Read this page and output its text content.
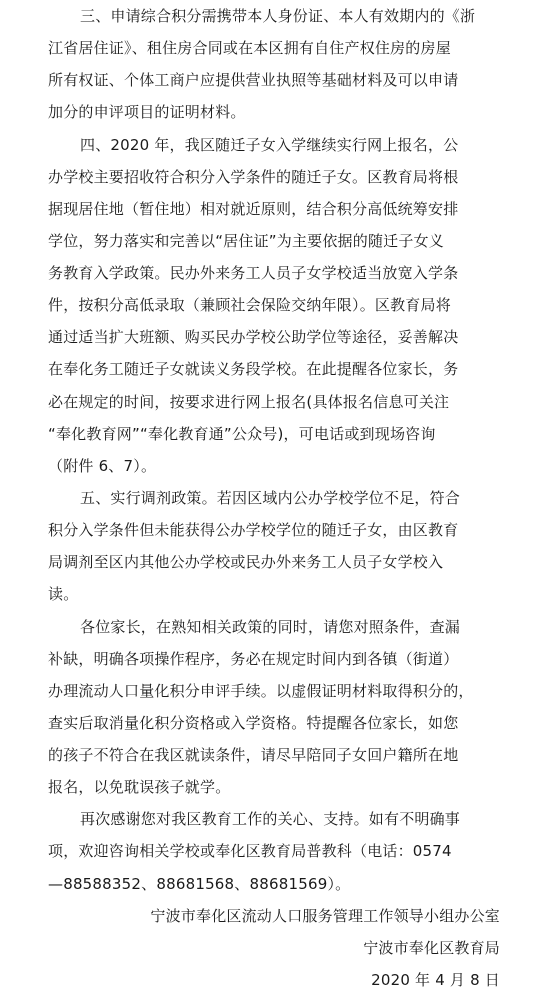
三、申请综合积分需携带本人身份证、本人有效期内的《浙
江省居住证》、租住房合同或在本区拥有自住产权住房的房屋
所有权证、个体工商户应提供营业执照等基础材料及可以申请
加分的申评项目的证明材料。
四、2020 年，我区随迁子女入学继续实行网上报名，公
办学校主要招收符合积分入学条件的随迁子女。区教育局将根
据现居住地（暂住地）相对就近原则，结合积分高低统筹安排
学位，努力落实和完善以“居住证”为主要依据的随迁子女义
务教育入学政策。民办外来务工人员子女学校适当放宽入学条
件，按积分高低录取（兼顾社会保险交纳年限）。区教育局将
通过适当扩大班额、购买民办学校公助学位等途径，妥善解决
在奉化务工随迁子女就读义务段学校。在此提醒各位家长，务
必在规定的时间，按要求进行网上报名(具体报名信息可关注
“奉化教育网”“奉化教育通”公众号)，可电话或到现场咨询
（附件 6、7）。
五、实行调剂政策。若因区域内公办学校学位不足，符合
积分入学条件但未能获得公办学校学位的随迁子女，由区教育
局调剂至区内其他公办学校或民办外来务工人员子女学校入
读。
各位家长，在熟知相关政策的同时，请您对照条件，查漏
补缺，明确各项操作程序，务必在规定时间内到各镇（街道）
办理流动人口量化积分申评手续。以虚假证明材料取得积分的，
查实后取消量化积分资格或入学资格。特提醒各位家长，如您
的孩子不符合在我区就读条件，请尽早陪同子女回户籍所在地
报名，以免耽误孩子就学。
再次感谢您对我区教育工作的关心、支持。如有不明确事
项，欢迎咨询相关学校或奉化区教育局普教科（电话：0574
—88588352、88681568、88681569）。
宁波市奉化区流动人口服务管理工作领导小组办公室
宁波市奉化区教育局
2020 年 4 月 8 日
